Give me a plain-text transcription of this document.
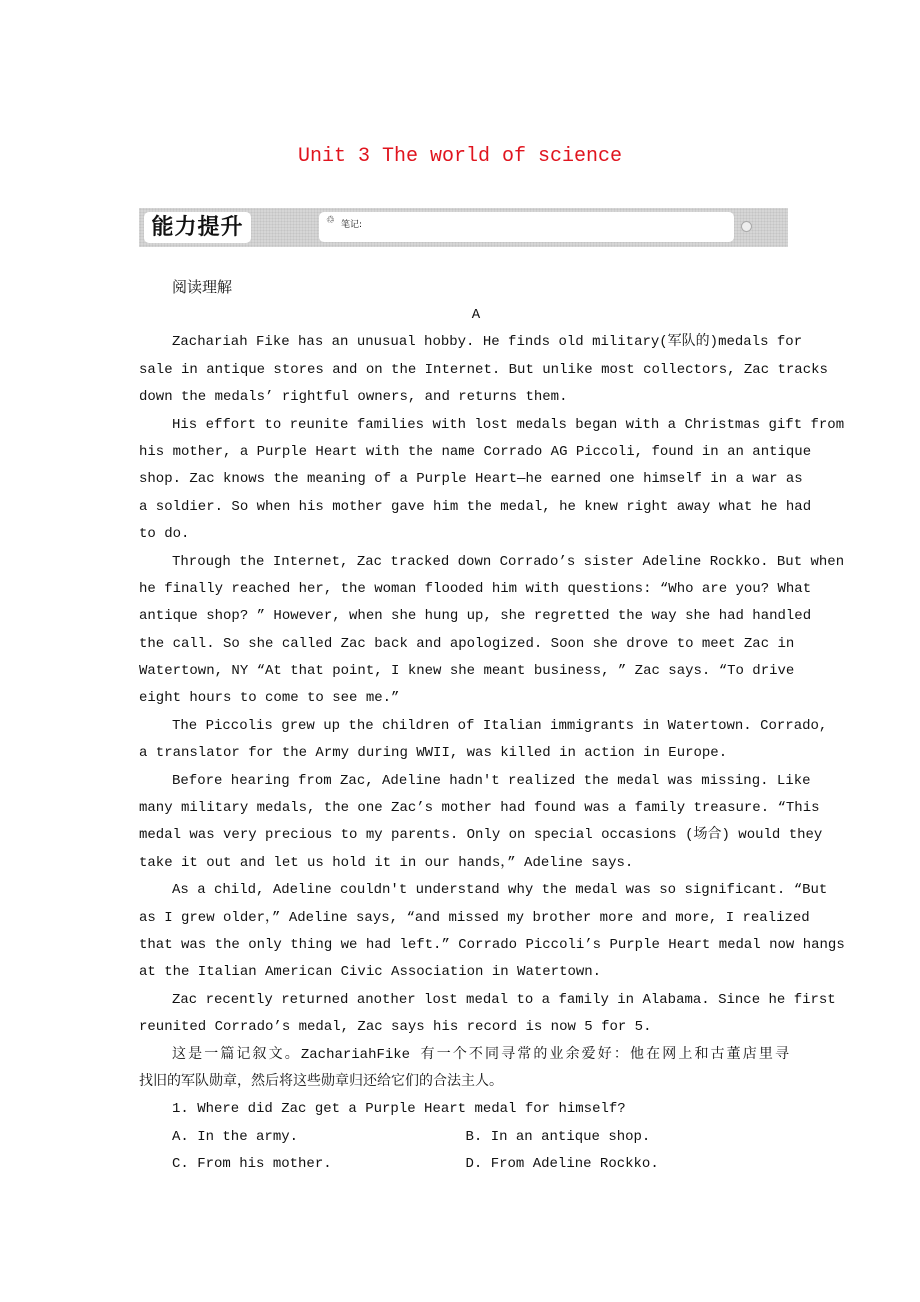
Unit 3 The world of science
能力提升	♲ 笔记:
阅读理解
A
Zachariah Fike has an unusual hobby. He finds old military(军队的)medals for
sale in antique stores and on the Internet. But unlike most collectors, Zac tracks
down the medals’ rightful owners, and returns them.
His effort to reunite families with lost medals began with a Christmas gift from
his mother, a Purple Heart with the name Corrado AG Piccoli, found in an antique
shop. Zac knows the meaning of a Purple Heart—he earned one himself in a war as
a soldier. So when his mother gave him the medal, he knew right away what he had
to do.
Through the Internet, Zac tracked down Corrado’s sister Adeline Rockko. But when
he finally reached her, the woman flooded him with questions: “Who are you? What
antique shop? ” However, when she hung up, she regretted the way she had handled
the call. So she called Zac back and apologized. Soon she drove to meet Zac in
Watertown, NY “At that point, I knew she meant business, ” Zac says. “To drive
eight hours to come to see me.”
The Piccolis grew up the children of Italian immigrants in Watertown. Corrado,
a translator for the Army during WWII, was killed in action in Europe.
Before hearing from Zac, Adeline hadn't realized the medal was missing. Like
many military medals, the one Zac’s mother had found was a family treasure. “This
medal was very precious to my parents. Only on special occasions (场合) would they
take it out and let us hold it in our hands，” Adeline says.
As a child, Adeline couldn't understand why the medal was so significant. “But
as I grew older，” Adeline says, “and missed my brother more and more, I realized
that was the only thing we had left.” Corrado Piccoli’s Purple Heart medal now hangs
at the Italian American Civic Association in Watertown.
Zac recently returned another lost medal to a family in Alabama. Since he first
reunited Corrado’s medal, Zac says his record is now 5 for 5.
这是一篇记叙文。ZachariahFike 有一个不同寻常的业余爱好：他在网上和古董店里寻
找旧的军队勋章，然后将这些勋章归还给它们的合法主人。
1. Where did Zac get a Purple Heart medal for himself?
A. In the army.	B. In an antique shop.
C. From his mother.	D. From Adeline Rockko.
